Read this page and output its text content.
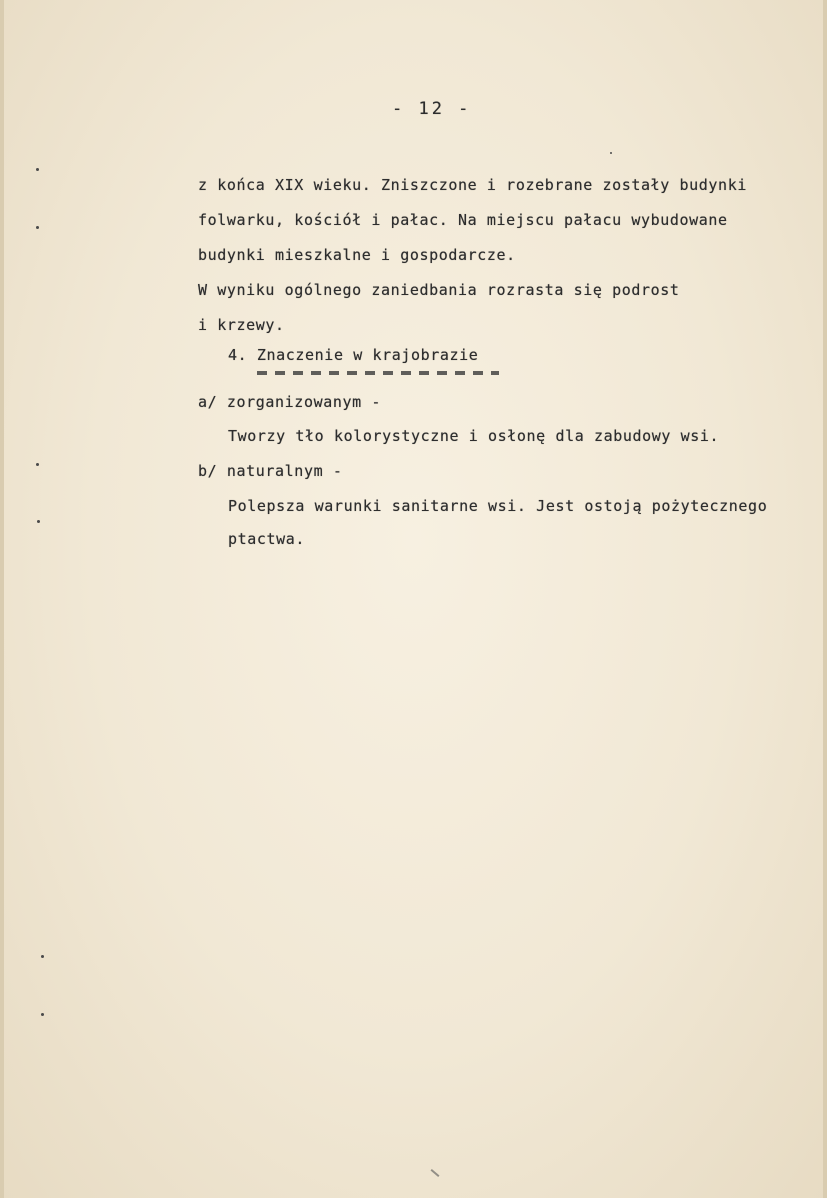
- 12 -
z końca XIX wieku. Zniszczone i rozebrane zostały budynki
folwarku, kościół i pałac. Na miejscu pałacu wybudowane
budynki mieszkalne i gospodarcze.
W wyniku ogólnego zaniedbania rozrasta się podrost
i krzewy.
4. Znaczenie w krajobrazie
a/ zorganizowanym -
Tworzy tło kolorystyczne i osłonę dla zabudowy wsi.
b/ naturalnym -
Polepsza warunki sanitarne wsi. Jest ostoją pożytecznego
ptactwa.
